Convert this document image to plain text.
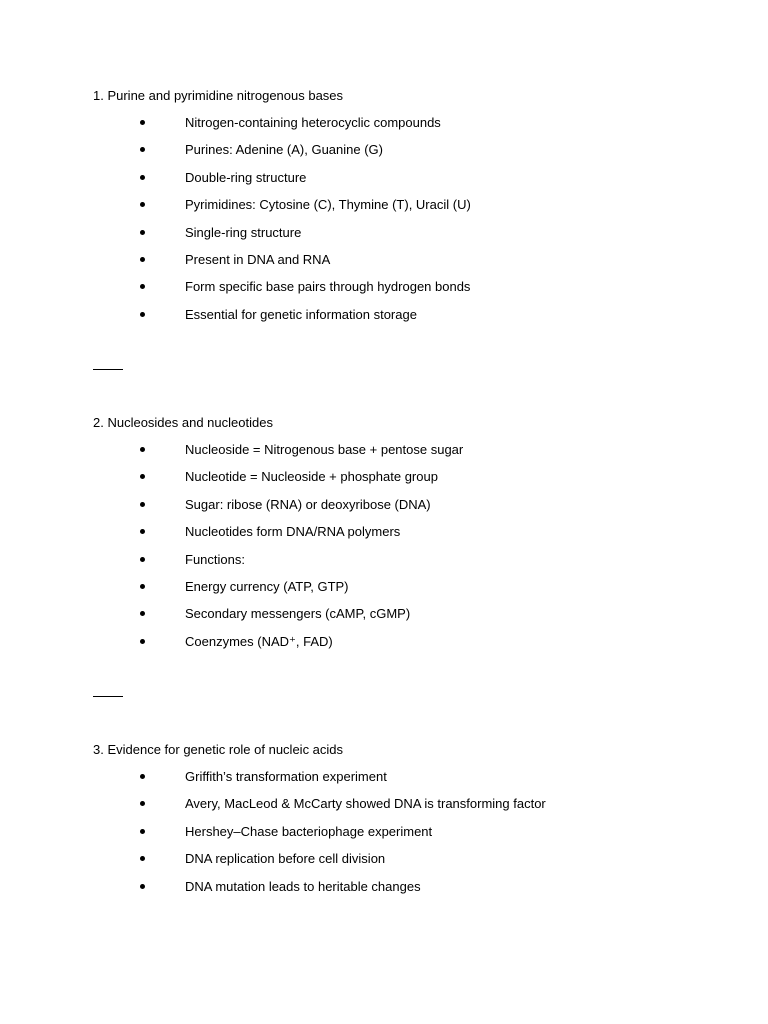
1. Purine and pyrimidine nitrogenous bases
Nitrogen-containing heterocyclic compounds
Purines: Adenine (A), Guanine (G)
Double-ring structure
Pyrimidines: Cytosine (C), Thymine (T), Uracil (U)
Single-ring structure
Present in DNA and RNA
Form specific base pairs through hydrogen bonds
Essential for genetic information storage
2. Nucleosides and nucleotides
Nucleoside = Nitrogenous base + pentose sugar
Nucleotide = Nucleoside + phosphate group
Sugar: ribose (RNA) or deoxyribose (DNA)
Nucleotides form DNA/RNA polymers
Functions:
Energy currency (ATP, GTP)
Secondary messengers (cAMP, cGMP)
Coenzymes (NAD⁺, FAD)
3. Evidence for genetic role of nucleic acids
Griffith’s transformation experiment
Avery, MacLeod & McCarty showed DNA is transforming factor
Hershey–Chase bacteriophage experiment
DNA replication before cell division
DNA mutation leads to heritable changes
